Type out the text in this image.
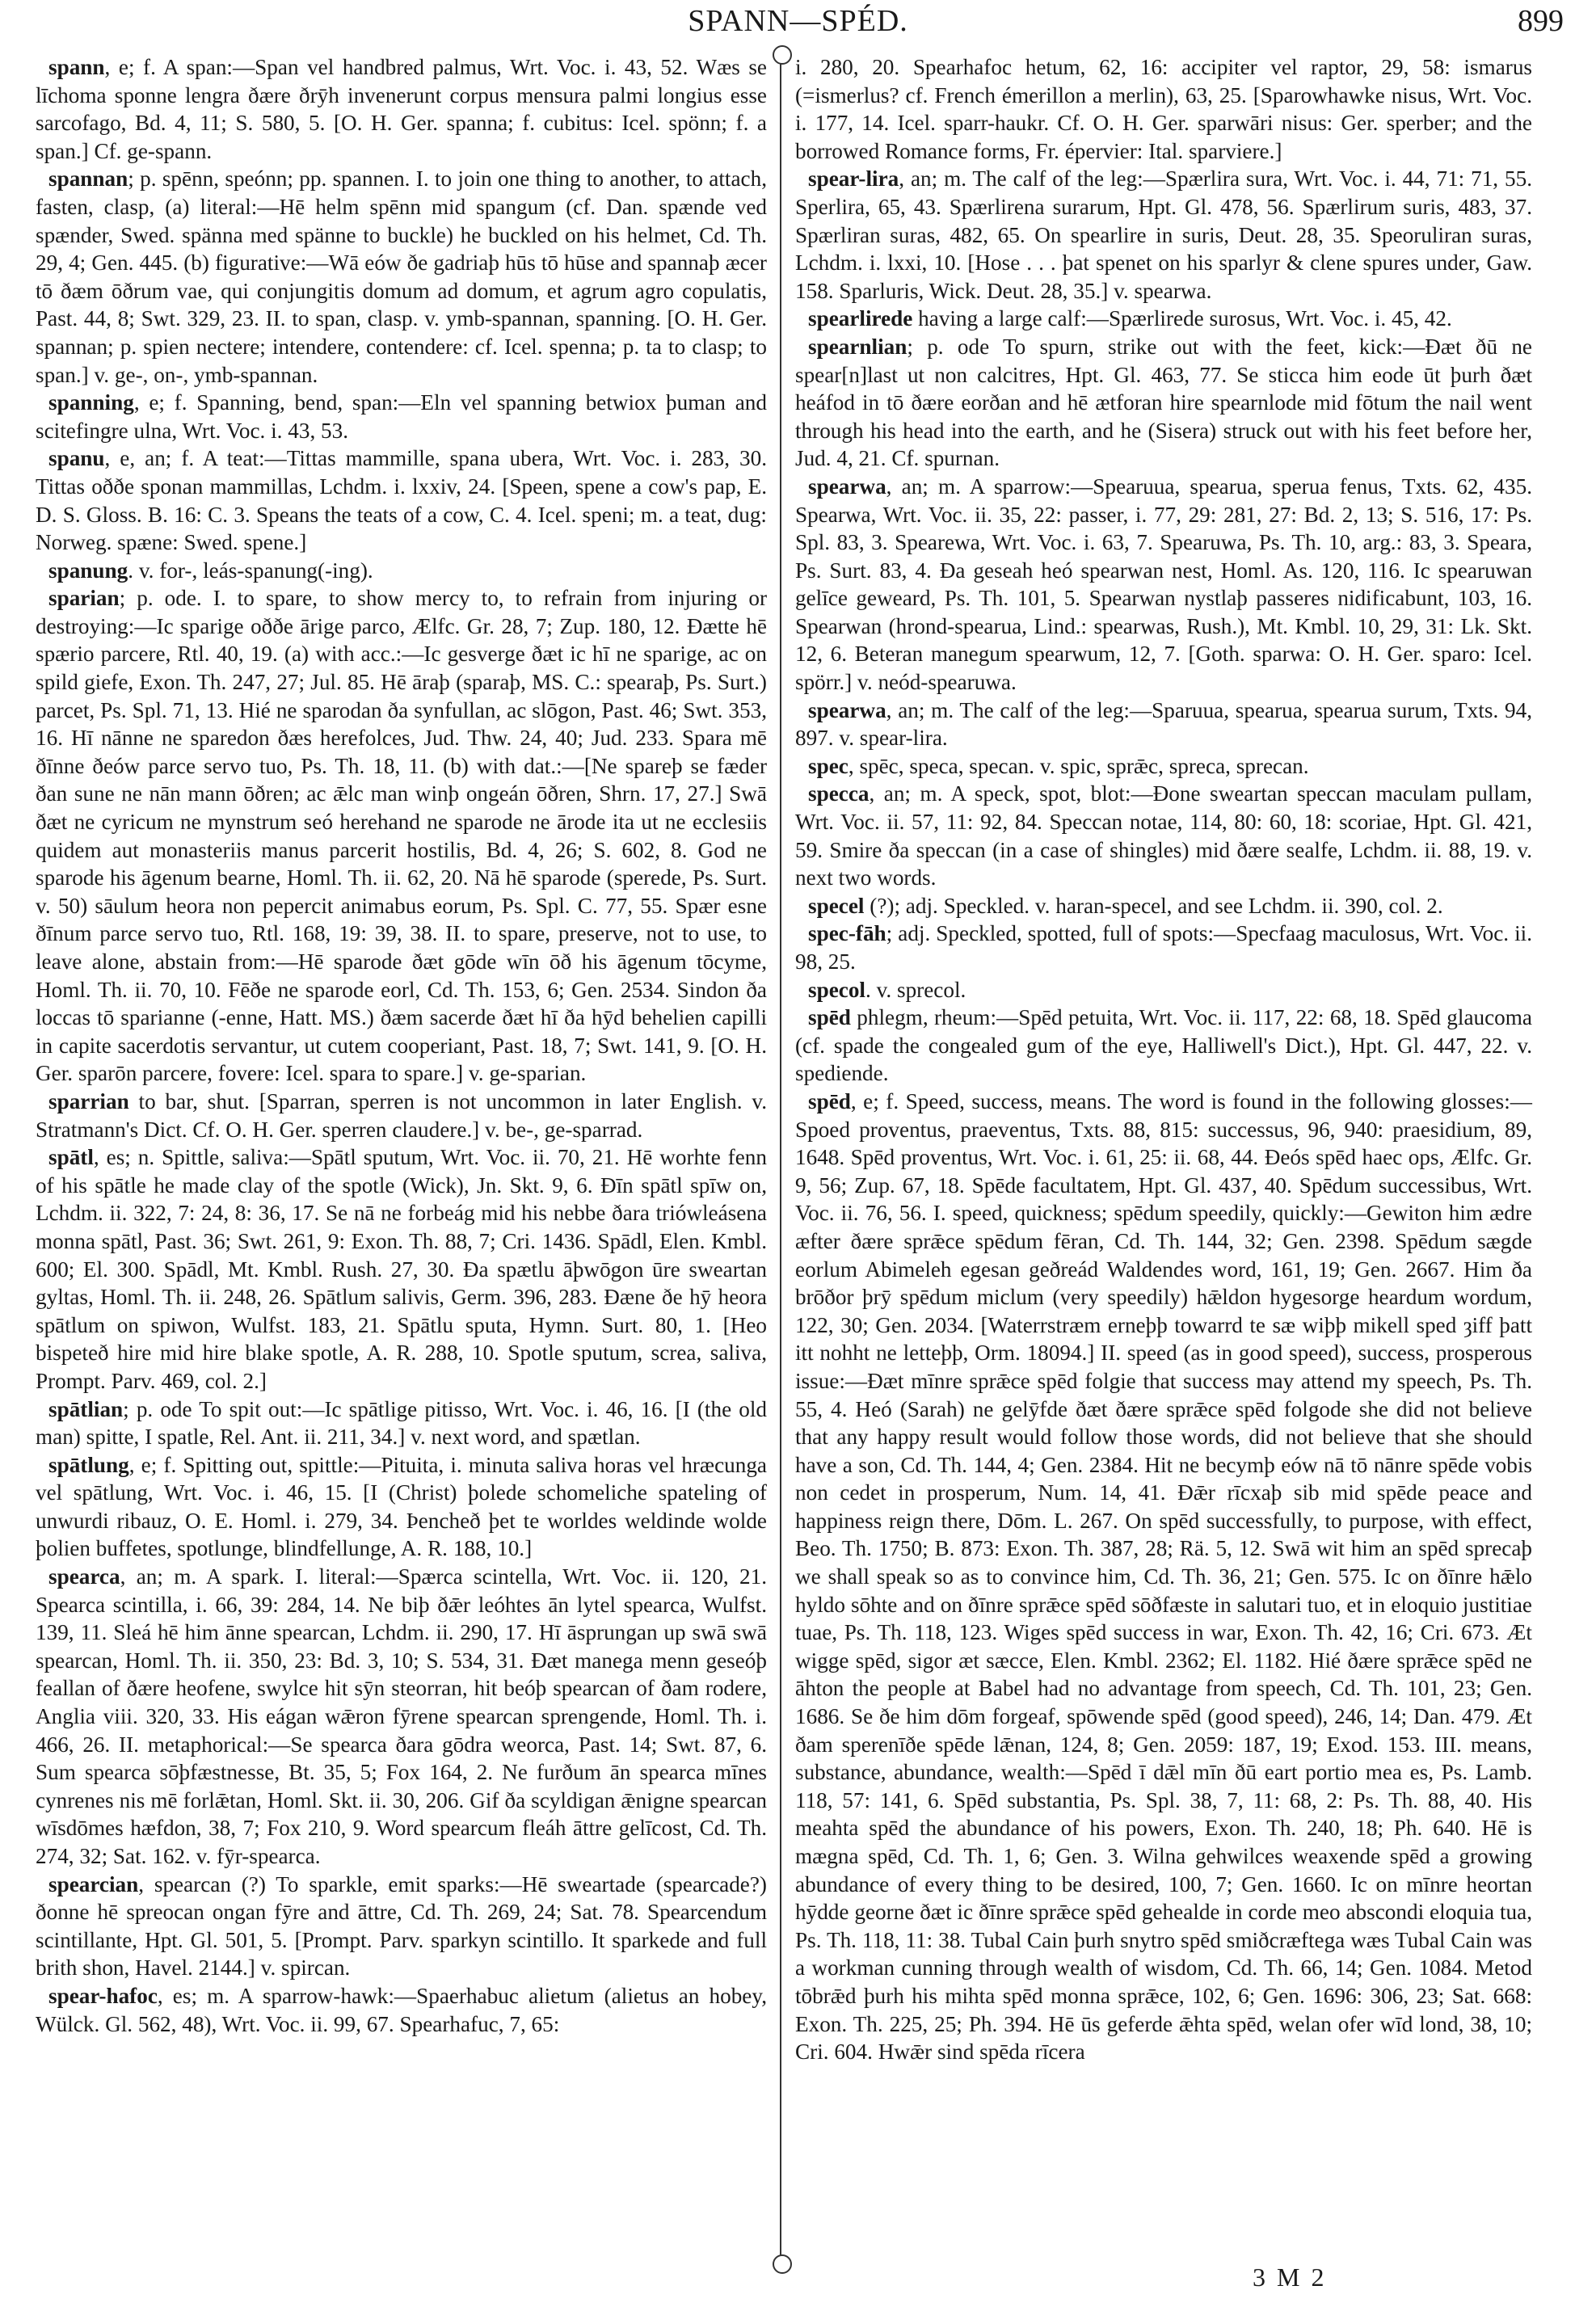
SPANN—SPÉD.	899

spann, e; f. A span:—Span vel handbred palmus, Wrt. Voc. i. 43, 52. Wæs se līchoma sponne lengra ðære ðrȳh invenerunt corpus mensura palmi longius esse sarcofago, Bd. 4, 11; S. 580, 5. [O. H. Ger. spanna; f. cubitus: Icel. spönn; f. a span.] Cf. ge-spann.

spannan; p. spēnn, speónn; pp. spannen. I. to join one thing to another, to attach, fasten, clasp, (a) literal:—Hē helm spēnn mid spangum (cf. Dan. spænde ved spænder, Swed. spänna med spänne to buckle) he buckled on his helmet, Cd. Th. 29, 4; Gen. 445. (b) figurative:—Wā eów ðe gadriaþ hūs tō hūse and spannaþ æcer tō ðæm ōðrum vae, qui conjungitis domum ad domum, et agrum agro copulatis, Past. 44, 8; Swt. 329, 23. II. to span, clasp. v. ymb-spannan, spanning. [O. H. Ger. spannan; p. spien nectere; intendere, contendere: cf. Icel. spenna; p. ta to clasp; to span.] v. ge-, on-, ymb-spannan.

spanning, e; f. Spanning, bend, span:—Eln vel spanning betwiox þuman and scitefingre ulna, Wrt. Voc. i. 43, 53.

spanu, e, an; f. A teat:—Tittas mammille, spana ubera, Wrt. Voc. i. 283, 30. Tittas oððe sponan mammillas, Lchdm. i. lxxiv, 24. [Speen, spene a cow's pap, E. D. S. Gloss. B. 16: C. 3. Speans the teats of a cow, C. 4. Icel. speni; m. a teat, dug: Norweg. spæne: Swed. spene.]

spanung. v. for-, leás-spanung(-ing).

sparian; p. ode. I. to spare, to show mercy to, to refrain from injuring or destroying:—Ic sparige oððe ārige parco, Ælfc. Gr. 28, 7; Zup. 180, 12. Ðætte hē spærio parcere, Rtl. 40, 19. (a) with acc.:—Ic gesverge ðæt ic hī ne sparige, ac on spild giefe, Exon. Th. 247, 27; Jul. 85. Hē āraþ (sparaþ, MS. C.: spearaþ, Ps. Surt.) parcet, Ps. Spl. 71, 13. Hié ne sparodan ða synfullan, ac slōgon, Past. 46; Swt. 353, 16. Hī nānne ne sparedon ðæs herefolces, Jud. Thw. 24, 40; Jud. 233. Spara mē ðīnne ðeów parce servo tuo, Ps. Th. 18, 11. (b) with dat.:—[Ne spareþ se fæder ðan sune ne nān mann ōðren; ac ǣlc man winþ ongeán ōðren, Shrn. 17, 27.] Swā ðæt ne cyricum ne mynstrum seó herehand ne sparode ne ārode ita ut ne ecclesiis quidem aut monasteriis manus parcerit hostilis, Bd. 4, 26; S. 602, 8. God ne sparode his āgenum bearne, Homl. Th. ii. 62, 20. Nā hē sparode (sperede, Ps. Surt. v. 50) sāulum heora non pepercit animabus eorum, Ps. Spl. C. 77, 55. Spær esne ðīnum parce servo tuo, Rtl. 168, 19: 39, 38. II. to spare, preserve, not to use, to leave alone, abstain from:—Hē sparode ðæt gōde wīn ōð his āgenum tōcyme, Homl. Th. ii. 70, 10. Fēðe ne sparode eorl, Cd. Th. 153, 6; Gen. 2534. Sindon ða loccas tō sparianne (-enne, Hatt. MS.) ðæm sacerde ðæt hī ða hȳd behelien capilli in capite sacerdotis servantur, ut cutem cooperiant, Past. 18, 7; Swt. 141, 9. [O. H. Ger. sparōn parcere, fovere: Icel. spara to spare.] v. ge-sparian.

sparrian to bar, shut. [Sparran, sperren is not uncommon in later English. v. Stratmann's Dict. Cf. O. H. Ger. sperren claudere.] v. be-, ge-sparrad.

spātl, es; n. Spittle, saliva:—Spātl sputum, Wrt. Voc. ii. 70, 21. Hē worhte fenn of his spātle he made clay of the spotle (Wick), Jn. Skt. 9, 6. Ðīn spātl spīw on, Lchdm. ii. 322, 7: 24, 8: 36, 17. Se nā ne forbeág mid his nebbe ðara triówleásena monna spātl, Past. 36; Swt. 261, 9: Exon. Th. 88, 7; Cri. 1436. Spādl, Elen. Kmbl. 600; El. 300. Spādl, Mt. Kmbl. Rush. 27, 30. Ða spætlu āþwōgon ūre sweartan gyltas, Homl. Th. ii. 248, 26. Spātlum salivis, Germ. 396, 283. Ðæne ðe hȳ heora spātlum on spiwon, Wulfst. 183, 21. Spātlu sputa, Hymn. Surt. 80, 1. [Heo bispeteð hire mid hire blake spotle, A. R. 288, 10. Spotle sputum, screa, saliva, Prompt. Parv. 469, col. 2.]

spātlian; p. ode To spit out:—Ic spātlige pitisso, Wrt. Voc. i. 46, 16. [I (the old man) spitte, I spatle, Rel. Ant. ii. 211, 34.] v. next word, and spætlan.

spātlung, e; f. Spitting out, spittle:—Pituita, i. minuta saliva horas vel hræcunga vel spātlung, Wrt. Voc. i. 46, 15. [I (Christ) þolede schomeliche spateling of unwurdi ribauz, O. E. Homl. i. 279, 34. Þencheð þet te worldes weldinde wolde þolien buffetes, spotlunge, blindfellunge, A. R. 188, 10.]

spearca, an; m. A spark. I. literal:—Spærca scintella, Wrt. Voc. ii. 120, 21. Spearca scintilla, i. 66, 39: 284, 14. Ne biþ ðǣr leóhtes ān lytel spearca, Wulfst. 139, 11. Sleá hē him ānne spearcan, Lchdm. ii. 290, 17. Hī āsprungan up swā swā spearcan, Homl. Th. ii. 350, 23: Bd. 3, 10; S. 534, 31. Ðæt manega menn geseóþ feallan of ðære heofene, swylce hit sȳn steorran, hit beóþ spearcan of ðam rodere, Anglia viii. 320, 33. His eágan wǣron fȳrene spearcan sprengende, Homl. Th. i. 466, 26. II. metaphorical:—Se spearca ðara gōdra weorca, Past. 14; Swt. 87, 6. Sum spearca sōþfæstnesse, Bt. 35, 5; Fox 164, 2. Ne furðum ān spearca mīnes cynrenes nis mē forlǣtan, Homl. Skt. ii. 30, 206. Gif ða scyldigan ǣnigne spearcan wīsdōmes hæfdon, 38, 7; Fox 210, 9. Word spearcum fleáh āttre gelīcost, Cd. Th. 274, 32; Sat. 162. v. fȳr-spearca.

spearcian, spearcan (?) To sparkle, emit sparks:—Hē sweartade (spearcade?) ðonne hē spreocan ongan fȳre and āttre, Cd. Th. 269, 24; Sat. 78. Spearcendum scintillante, Hpt. Gl. 501, 5. [Prompt. Parv. sparkyn scintillo. It sparkede and full brith shon, Havel. 2144.] v. spircan.

spear-hafoc, es; m. A sparrow-hawk:—Spaerhabuc alietum (alietus an hobey, Wülck. Gl. 562, 48), Wrt. Voc. ii. 99, 67. Spearhafuc, 7, 65:

i. 280, 20. Spearhafoc hetum, 62, 16: accipiter vel raptor, 29, 58: ismarus (=ismerlus? cf. French émerillon a merlin), 63, 25. [Sparowhawke nisus, Wrt. Voc. i. 177, 14. Icel. sparr-haukr. Cf. O. H. Ger. sparwāri nisus: Ger. sperber; and the borrowed Romance forms, Fr. épervier: Ital. sparviere.]

spear-lira, an; m. The calf of the leg:—Spærlira sura, Wrt. Voc. i. 44, 71: 71, 55. Sperlira, 65, 43. Spærlirena surarum, Hpt. Gl. 478, 56. Spærlirum suris, 483, 37. Spærliran suras, 482, 65. On spearlire in suris, Deut. 28, 35. Speoruliran suras, Lchdm. i. lxxi, 10. [Hose . . . þat spenet on his sparlyr & clene spures under, Gaw. 158. Sparluris, Wick. Deut. 28, 35.] v. spearwa.

spearlirede having a large calf:—Spærlirede surosus, Wrt. Voc. i. 45, 42.

spearnlian; p. ode To spurn, strike out with the feet, kick:—Ðæt ðū ne spear[n]last ut non calcitres, Hpt. Gl. 463, 77. Se sticca him eode ūt þurh ðæt heáfod in tō ðære eorðan and hē ætforan hire spearnlode mid fōtum the nail went through his head into the earth, and he (Sisera) struck out with his feet before her, Jud. 4, 21. Cf. spurnan.

spearwa, an; m. A sparrow:—Spearuua, spearua, sperua fenus, Txts. 62, 435. Spearwa, Wrt. Voc. ii. 35, 22: passer, i. 77, 29: 281, 27: Bd. 2, 13; S. 516, 17: Ps. Spl. 83, 3. Spearewa, Wrt. Voc. i. 63, 7. Spearuwa, Ps. Th. 10, arg.: 83, 3. Speara, Ps. Surt. 83, 4. Ða geseah heó spearwan nest, Homl. As. 120, 116. Ic spearuwan gelīce geweard, Ps. Th. 101, 5. Spearwan nystlaþ passeres nidificabunt, 103, 16. Spearwan (hrond-spearua, Lind.: spearwas, Rush.), Mt. Kmbl. 10, 29, 31: Lk. Skt. 12, 6. Beteran manegum spearwum, 12, 7. [Goth. sparwa: O. H. Ger. sparo: Icel. spörr.] v. neód-spearuwa.

spearwa, an; m. The calf of the leg:—Sparuua, spearua, spearua surum, Txts. 94, 897. v. spear-lira.

spec, spēc, speca, specan. v. spic, sprǣc, spreca, sprecan.

specca, an; m. A speck, spot, blot:—Ðone sweartan speccan maculam pullam, Wrt. Voc. ii. 57, 11: 92, 84. Speccan notae, 114, 80: 60, 18: scoriae, Hpt. Gl. 421, 59. Smire ða speccan (in a case of shingles) mid ðære sealfe, Lchdm. ii. 88, 19. v. next two words.

specel (?); adj. Speckled. v. haran-specel, and see Lchdm. ii. 390, col. 2.

spec-fāh; adj. Speckled, spotted, full of spots:—Specfaag maculosus, Wrt. Voc. ii. 98, 25.

specol. v. sprecol.

spēd phlegm, rheum:—Spēd petuita, Wrt. Voc. ii. 117, 22: 68, 18. Spēd glaucoma (cf. spade the congealed gum of the eye, Halliwell's Dict.), Hpt. Gl. 447, 22. v. spediende.

spēd, e; f. Speed, success, means. The word is found in the following glosses:—Spoed proventus, praeventus, Txts. 88, 815: successus, 96, 940: praesidium, 89, 1648. Spēd proventus, Wrt. Voc. i. 61, 25: ii. 68, 44. Ðeós spēd haec ops, Ælfc. Gr. 9, 56; Zup. 67, 18. Spēde facultatem, Hpt. Gl. 437, 40. Spēdum successibus, Wrt. Voc. ii. 76, 56. I. speed, quickness; spēdum speedily, quickly:—Gewiton him ædre æfter ðære sprǣce spēdum fēran, Cd. Th. 144, 32; Gen. 2398. Spēdum sægde eorlum Abimeleh egesan geðreád Waldendes word, 161, 19; Gen. 2667. Him ða brōðor þrȳ spēdum miclum (very speedily) hǣldon hygesorge heardum wordum, 122, 30; Gen. 2034. [Waterrstræm erneþþ towarrd te sæ wiþþ mikell sped ȝiff þatt itt nohht ne letteþþ, Orm. 18094.] II. speed (as in good speed), success, prosperous issue:—Ðæt mīnre sprǣce spēd folgie that success may attend my speech, Ps. Th. 55, 4. Heó (Sarah) ne gelȳfde ðæt ðære sprǣce spēd folgode she did not believe that any happy result would follow those words, did not believe that she should have a son, Cd. Th. 144, 4; Gen. 2384. Hit ne becymþ eów nā tō nānre spēde vobis non cedet in prosperum, Num. 14, 41. Ðǣr rīcxaþ sib mid spēde peace and happiness reign there, Dōm. L. 267. On spēd successfully, to purpose, with effect, Beo. Th. 1750; B. 873: Exon. Th. 387, 28; Rä. 5, 12. Swā wit him an spēd sprecaþ we shall speak so as to convince him, Cd. Th. 36, 21; Gen. 575. Ic on ðīnre hǣlo hyldo sōhte and on ðīnre sprǣce spēd sōðfæste in salutari tuo, et in eloquio justitiae tuae, Ps. Th. 118, 123. Wiges spēd success in war, Exon. Th. 42, 16; Cri. 673. Æt wigge spēd, sigor æt sæcce, Elen. Kmbl. 2362; El. 1182. Hié ðære sprǣce spēd ne āhton the people at Babel had no advantage from speech, Cd. Th. 101, 23; Gen. 1686. Se ðe him dōm forgeaf, spōwende spēd (good speed), 246, 14; Dan. 479. Æt ðam sperenīðe spēde lǣnan, 124, 8; Gen. 2059: 187, 19; Exod. 153. III. means, substance, abundance, wealth:—Spēd ī dǣl mīn ðū eart portio mea es, Ps. Lamb. 118, 57: 141, 6. Spēd substantia, Ps. Spl. 38, 7, 11: 68, 2: Ps. Th. 88, 40. His meahta spēd the abundance of his powers, Exon. Th. 240, 18; Ph. 640. Hē is mægna spēd, Cd. Th. 1, 6; Gen. 3. Wilna gehwilces weaxende spēd a growing abundance of every thing to be desired, 100, 7; Gen. 1660. Ic on mīnre heortan hȳdde georne ðæt ic ðīnre sprǣce spēd gehealde in corde meo abscondi eloquia tua, Ps. Th. 118, 11: 38. Tubal Cain þurh snytro spēd smiðcræftega wæs Tubal Cain was a workman cunning through wealth of wisdom, Cd. Th. 66, 14; Gen. 1084. Metod tōbrǣd þurh his mihta spēd monna sprǣce, 102, 6; Gen. 1696: 306, 23; Sat. 668: Exon. Th. 225, 25; Ph. 394. Hē ūs geferde ǣhta spēd, welan ofer wīd lond, 38, 10; Cri. 604. Hwǣr sind spēda rīcera

3 M 2
